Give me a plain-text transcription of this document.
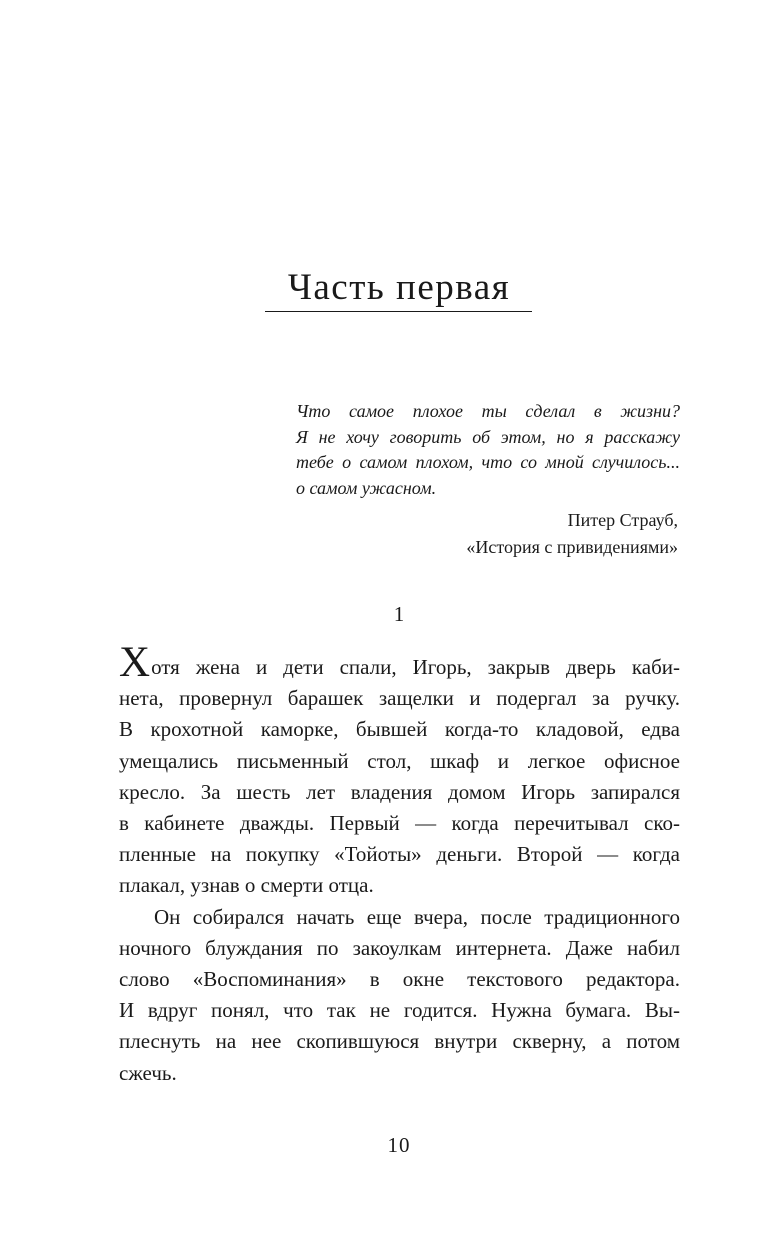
Часть первая

Что самое плохое ты сделал в жизни?

Я не хочу говорить об этом, но я расскажу

тебе о самом плохом, что со мной случилось...

о самом ужасном.

Питер Страуб,
«История с привидениями»
1

Хотя жена и дети спали, Игорь, закрыв дверь каби-

нета, провернул барашек защелки и подергал за ручку.

В крохотной каморке, бывшей когда-то кладовой, едва

умещались письменный стол, шкаф и легкое офисное

кресло. За шесть лет владения домом Игорь запирался

в кабинете дважды. Первый — когда перечитывал ско-

пленные на покупку «Тойоты» деньги. Второй — когда

плакал, узнав о смерти отца.

Он собирался начать еще вчера, после традиционного

ночного блуждания по закоулкам интернета. Даже набил

слово «Воспоминания» в окне текстового редактора.

И вдруг понял, что так не годится. Нужна бумага. Вы-

плеснуть на нее скопившуюся внутри скверну, а потом

сжечь.

10
